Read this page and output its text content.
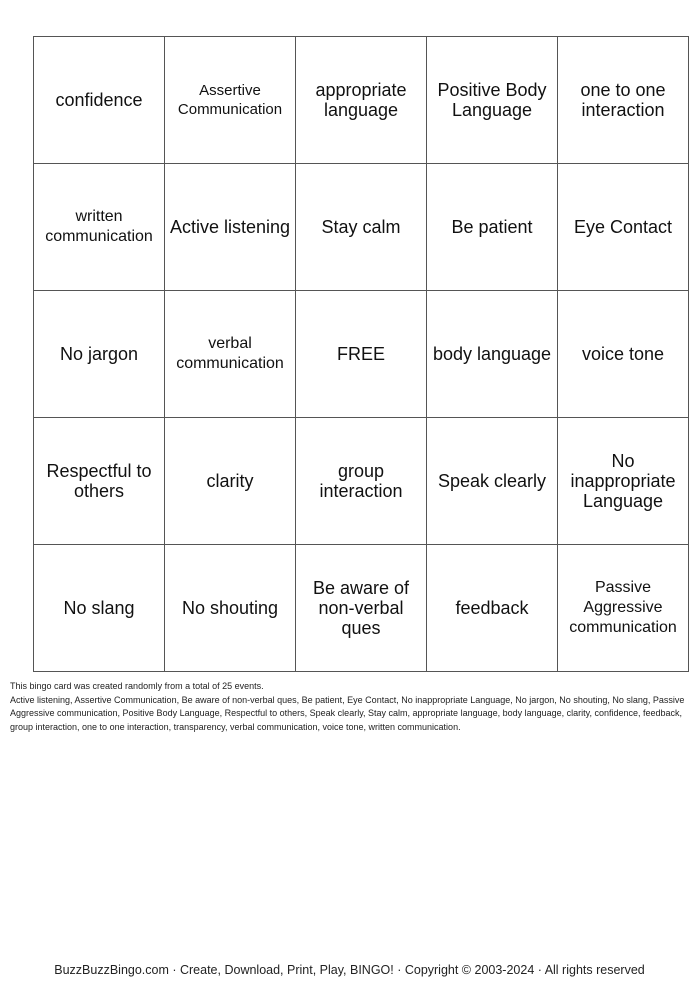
confidence	Assertive Communication	appropriate language	Positive Body Language	one to one interaction
written communication	Active listening	Stay calm	Be patient	Eye Contact
No jargon	verbal communication	FREE	body language	voice tone
Respectful to others	clarity	group interaction	Speak clearly	No inappropriate Language
No slang	No shouting	Be aware of non-verbal ques	feedback	Passive Aggressive communication
This bingo card was created randomly from a total of 25 events.
Active listening, Assertive Communication, Be aware of non-verbal ques, Be patient, Eye Contact, No inappropriate Language, No jargon, No shouting, No slang, Passive Aggressive communication, Positive Body Language, Respectful to others, Speak clearly, Stay calm, appropriate language, body language, clarity, confidence, feedback, group interaction, one to one interaction, transparency, verbal communication, voice tone, written communication.
BuzzBuzzBingo.com · Create, Download, Print, Play, BINGO! · Copyright © 2003-2024 · All rights reserved
